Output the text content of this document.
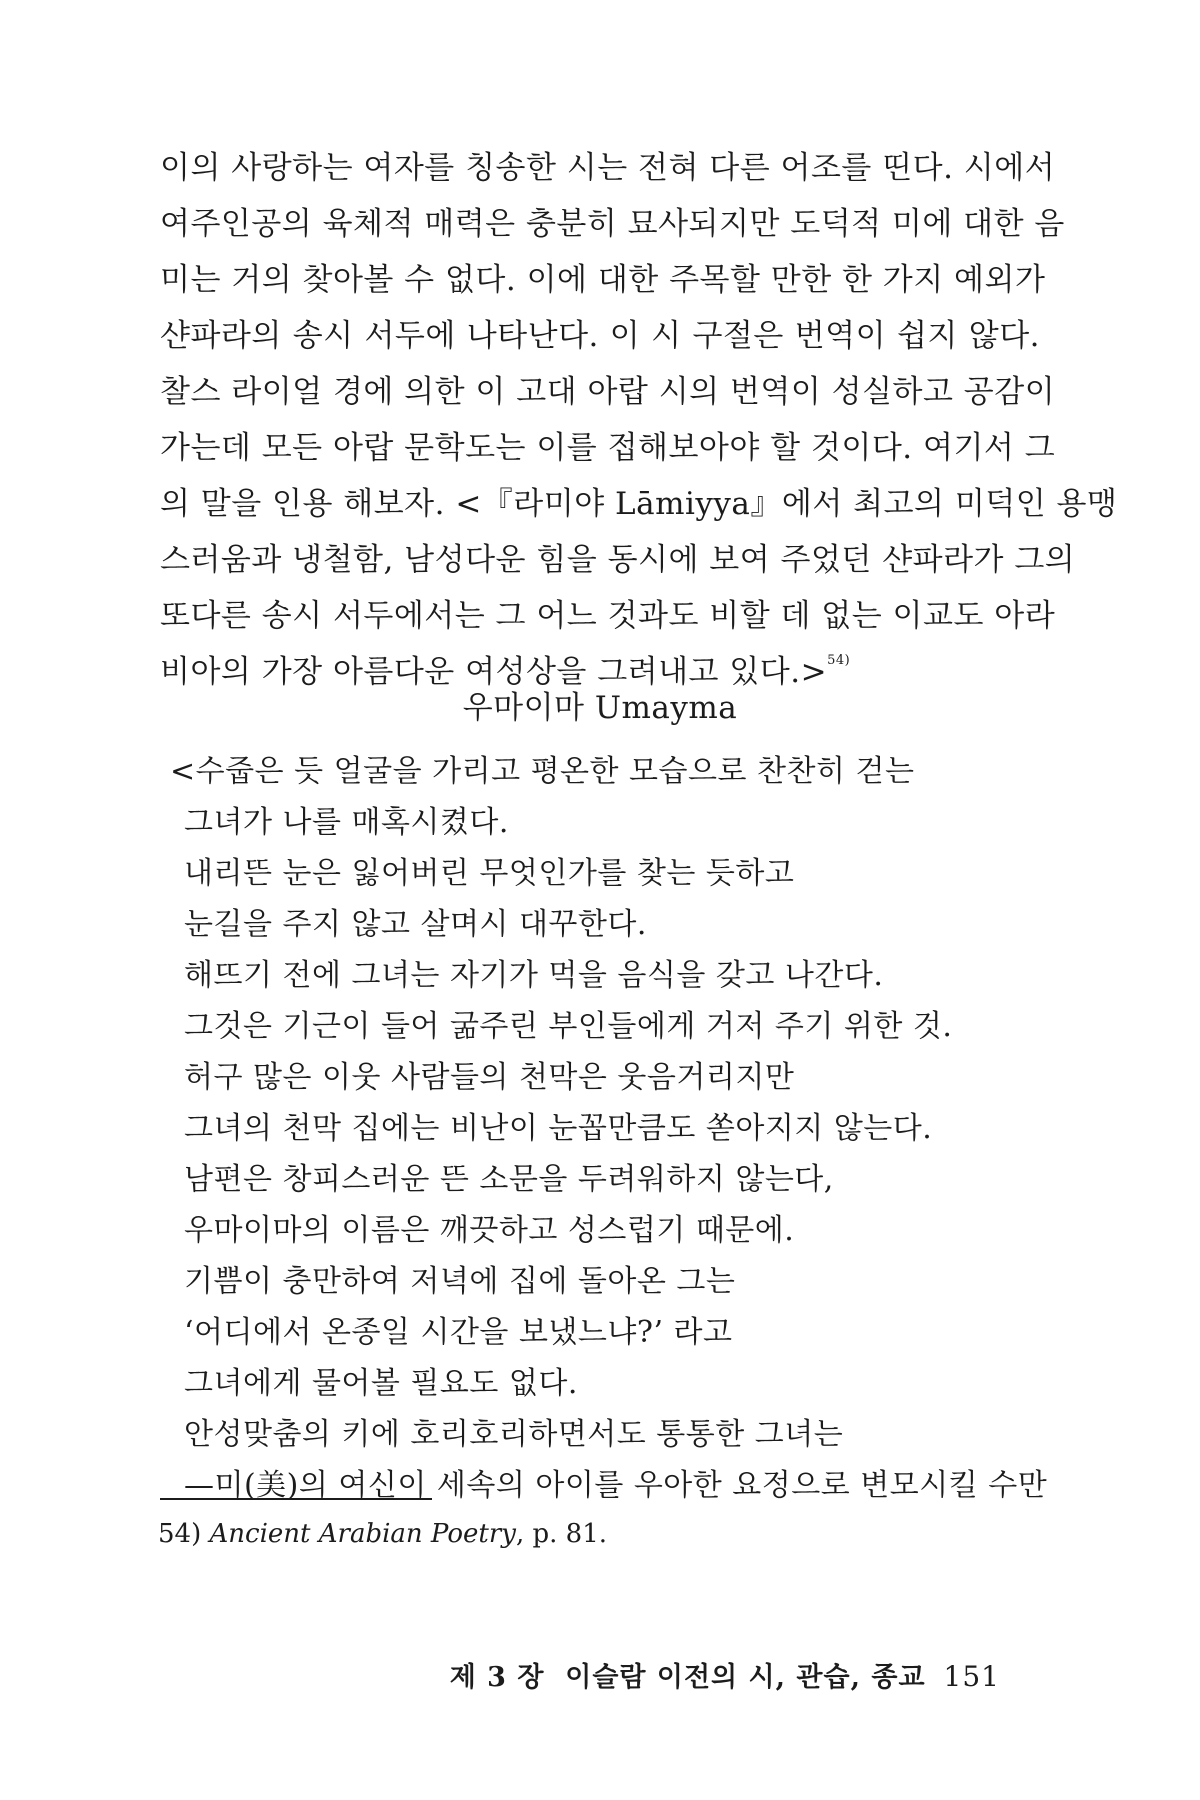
이의 사랑하는 여자를 칭송한 시는 전혀 다른 어조를 띤다. 시에서
여주인공의 육체적 매력은 충분히 묘사되지만 도덕적 미에 대한 음
미는 거의 찾아볼 수 없다. 이에 대한 주목할 만한 한 가지 예외가
샨파라의 송시 서두에 나타난다. 이 시 구절은 번역이 쉽지 않다.
찰스 라이얼 경에 의한 이 고대 아랍 시의 번역이 성실하고 공감이
가는데 모든 아랍 문학도는 이를 접해보아야 할 것이다. 여기서 그
의 말을 인용 해보자. <『라미야 Lāmiyya』에서 최고의 미덕인 용맹
스러움과 냉철함, 남성다운 힘을 동시에 보여 주었던 샨파라가 그의
또다른 송시 서두에서는 그 어느 것과도 비할 데 없는 이교도 아라
비아의 가장 아름다운 여성상을 그려내고 있다.>$^{54)}$
우마이마 Umayma
<수줍은 듯 얼굴을 가리고 평온한 모습으로 찬찬히 걷는
그녀가 나를 매혹시켰다.
내리뜬 눈은 잃어버린 무엇인가를 찾는 듯하고
눈길을 주지 않고 살며시 대꾸한다.
해뜨기 전에 그녀는 자기가 먹을 음식을 갖고 나간다.
그것은 기근이 들어 굶주린 부인들에게 거저 주기 위한 것.
허구 많은 이웃 사람들의 천막은 웃음거리지만
그녀의 천막 집에는 비난이 눈꼽만큼도 쏟아지지 않는다.
남편은 창피스러운 뜬 소문을 두려워하지 않는다,
우마이마의 이름은 깨끗하고 성스럽기 때문에.
기쁨이 충만하여 저녁에 집에 돌아온 그는
‘어디에서 온종일 시간을 보냈느냐?’ 라고
그녀에게 물어볼 필요도 없다.
안성맞춤의 키에 호리호리하면서도 통통한 그녀는
—미(美)의 여신이 세속의 아이를 우아한 요정으로 변모시킬 수만
54) Ancient Arabian Poetry, p. 81.
제 3 장  이슬람 이전의 시, 관습, 종교 151
